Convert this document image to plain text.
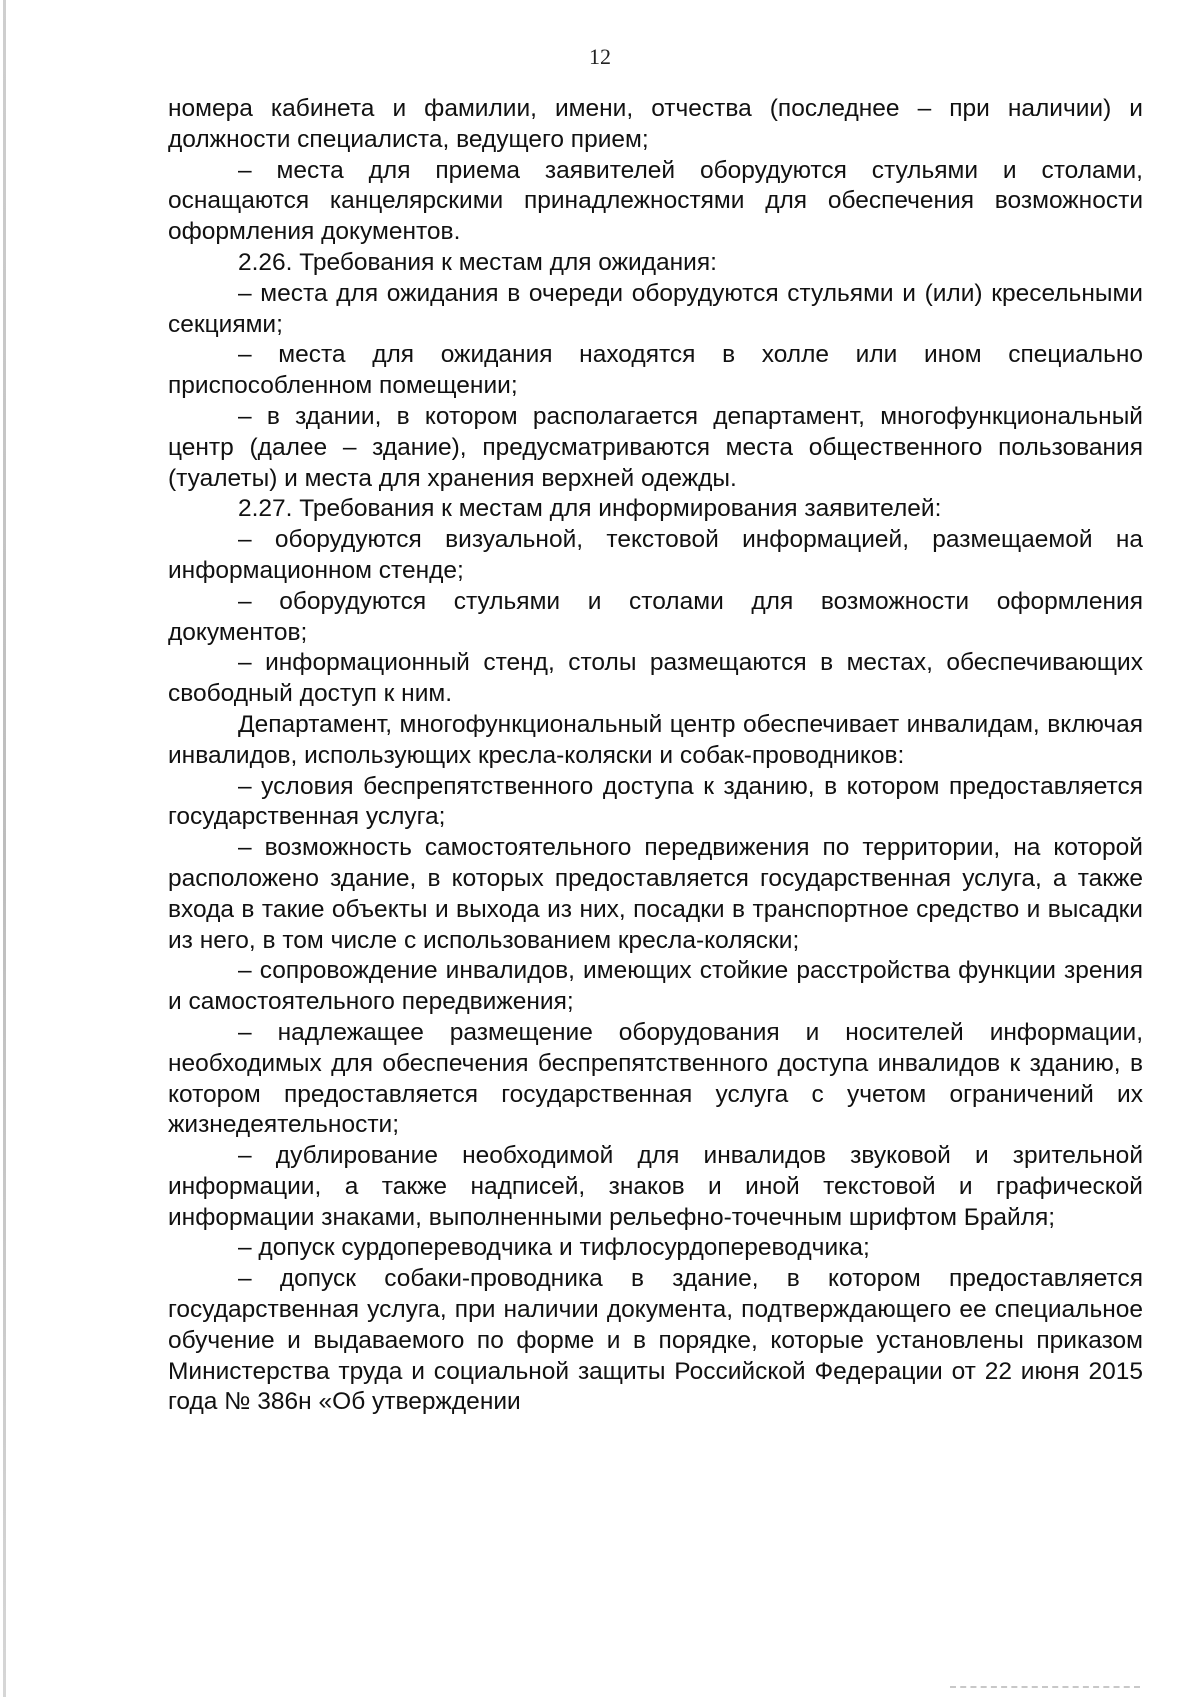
12

номера кабинета и фамилии, имени, отчества (последнее – при наличии) и должности специалиста, ведущего прием;

– места для приема заявителей оборудуются стульями и столами, оснащаются канцелярскими принадлежностями для обеспечения возможности оформления документов.

2.26. Требования к местам для ожидания:

– места для ожидания в очереди оборудуются стульями и (или) кресельными секциями;

– места для ожидания находятся в холле или ином специально приспособленном помещении;

– в здании, в котором располагается департамент, многофункциональный центр (далее – здание), предусматриваются места общественного пользования (туалеты) и места для хранения верхней одежды.

2.27. Требования к местам для информирования заявителей:

– оборудуются визуальной, текстовой информацией, размещаемой на информационном стенде;

– оборудуются стульями и столами для возможности оформления документов;

– информационный стенд, столы размещаются в местах, обеспечивающих свободный доступ к ним.

Департамент, многофункциональный центр обеспечивает инвалидам, включая инвалидов, использующих кресла-коляски и собак-проводников:

– условия беспрепятственного доступа к зданию, в котором предоставляется государственная услуга;

– возможность самостоятельного передвижения по территории, на которой расположено здание, в которых предоставляется государственная услуга, а также входа в такие объекты и выхода из них, посадки в транспортное средство и высадки из него, в том числе с использованием кресла-коляски;

– сопровождение инвалидов, имеющих стойкие расстройства функции зрения и самостоятельного передвижения;

– надлежащее размещение оборудования и носителей информации, необходимых для обеспечения беспрепятственного доступа инвалидов к зданию, в котором предоставляется государственная услуга с учетом ограничений их жизнедеятельности;

– дублирование необходимой для инвалидов звуковой и зрительной информации, а также надписей, знаков и иной текстовой и графической информации знаками, выполненными рельефно-точечным шрифтом Брайля;

– допуск сурдопереводчика и тифлосурдопереводчика;

– допуск собаки-проводника в здание, в котором предоставляется государственная услуга, при наличии документа, подтверждающего ее специальное обучение и выдаваемого по форме и в порядке, которые установлены приказом Министерства труда и социальной защиты Российской Федерации от 22 июня 2015 года № 386н «Об утверждении
